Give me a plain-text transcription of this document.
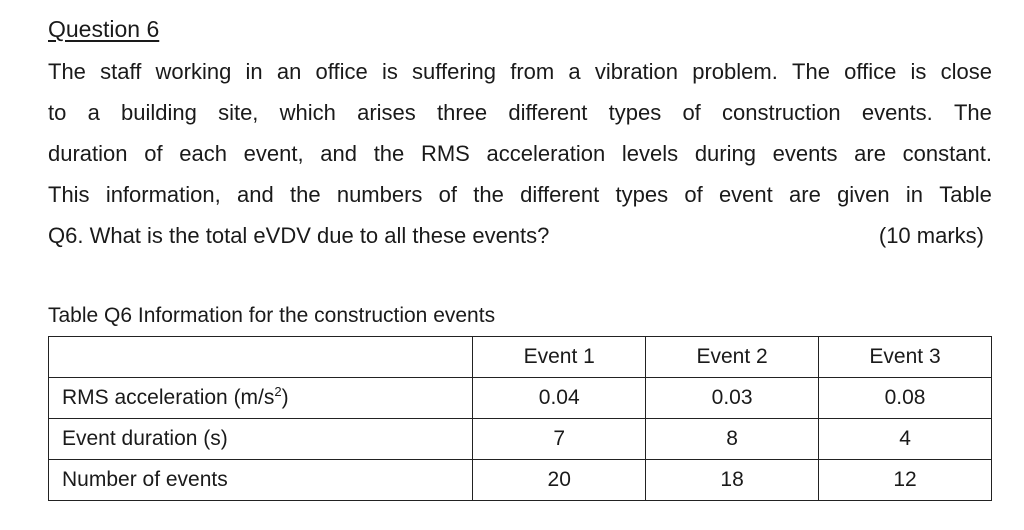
Question 6
The staff working in an office is suffering from a vibration problem. The office is close
to a building site, which arises three different types of construction events. The
duration of each event, and the RMS acceleration levels during events are constant.
This information, and the numbers of the different types of event are given in Table
Q6. What is the total eVDV due to all these events?	(10 marks)
Table Q6 Information for the construction events
	Event 1	Event 2	Event 3
RMS acceleration $(m/s^2)$	0.04	0.03	0.08
Event duration (s)	7	8	4
Number of events	20	18	12
